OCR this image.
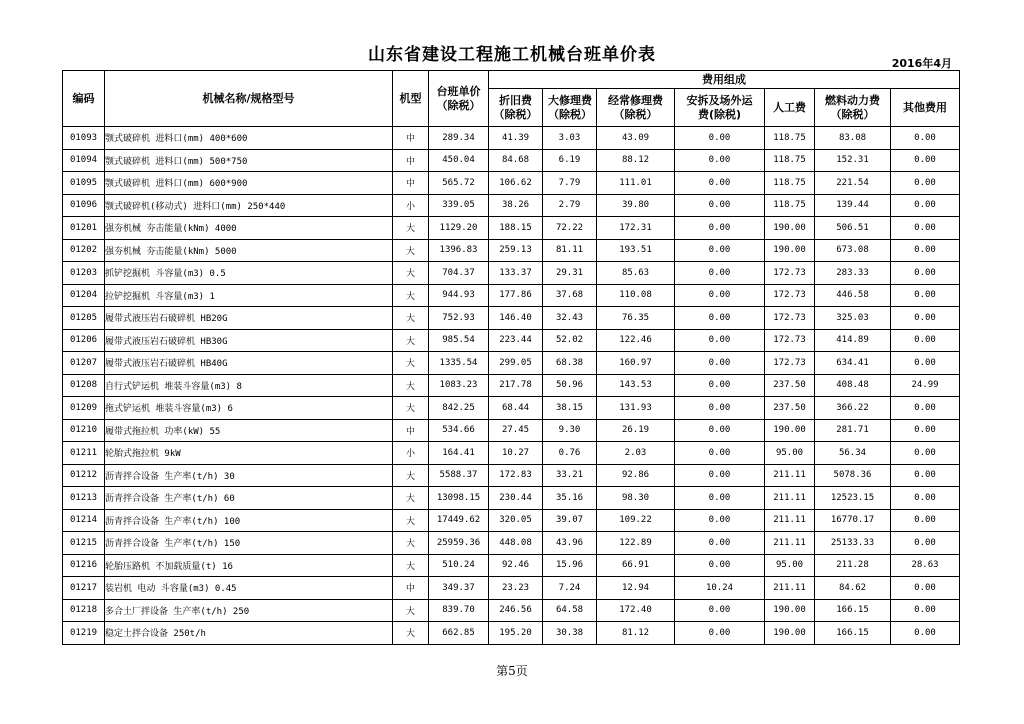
山东省建设工程施工机械台班单价表	2016年4月
编码	机械名称/规格型号	机型	台班单价（除税）	费用组成						
				折旧费（除税）	大修理费（除税）	经常修理费（除税）	安拆及场外运费(除税)	人工费	燃料动力费（除税）	其他费用
01093	颚式破碎机 进料口(mm) 400*600	中	289.34	41.39	3.03	43.09	0.00	118.75	83.08	0.00
01094	颚式破碎机 进料口(mm) 500*750	中	450.04	84.68	6.19	88.12	0.00	118.75	152.31	0.00
01095	颚式破碎机 进料口(mm) 600*900	中	565.72	106.62	7.79	111.01	0.00	118.75	221.54	0.00
01096	颚式破碎机(移动式) 进料口(mm) 250*440	小	339.05	38.26	2.79	39.80	0.00	118.75	139.44	0.00
01201	强夯机械 夯击能量(kNm) 4000	大	1129.20	188.15	72.22	172.31	0.00	190.00	506.51	0.00
01202	强夯机械 夯击能量(kNm) 5000	大	1396.83	259.13	81.11	193.51	0.00	190.00	673.08	0.00
01203	抓铲挖掘机 斗容量(m3) 0.5	大	704.37	133.37	29.31	85.63	0.00	172.73	283.33	0.00
01204	拉铲挖掘机 斗容量(m3) 1	大	944.93	177.86	37.68	110.08	0.00	172.73	446.58	0.00
01205	履带式液压岩石破碎机 HB20G	大	752.93	146.40	32.43	76.35	0.00	172.73	325.03	0.00
01206	履带式液压岩石破碎机 HB30G	大	985.54	223.44	52.02	122.46	0.00	172.73	414.89	0.00
01207	履带式液压岩石破碎机 HB40G	大	1335.54	299.05	68.38	160.97	0.00	172.73	634.41	0.00
01208	自行式铲运机 堆装斗容量(m3) 8	大	1083.23	217.78	50.96	143.53	0.00	237.50	408.48	24.99
01209	拖式铲运机 堆装斗容量(m3) 6	大	842.25	68.44	38.15	131.93	0.00	237.50	366.22	0.00
01210	履带式拖拉机 功率(kW) 55	中	534.66	27.45	9.30	26.19	0.00	190.00	281.71	0.00
01211	轮胎式拖拉机 9kW	小	164.41	10.27	0.76	2.03	0.00	95.00	56.34	0.00
01212	沥青拌合设备 生产率(t/h) 30	大	5588.37	172.83	33.21	92.86	0.00	211.11	5078.36	0.00
01213	沥青拌合设备 生产率(t/h) 60	大	13098.15	230.44	35.16	98.30	0.00	211.11	12523.15	0.00
01214	沥青拌合设备 生产率(t/h) 100	大	17449.62	320.05	39.07	109.22	0.00	211.11	16770.17	0.00
01215	沥青拌合设备 生产率(t/h) 150	大	25959.36	448.08	43.96	122.89	0.00	211.11	25133.33	0.00
01216	轮胎压路机 不加载质量(t) 16	大	510.24	92.46	15.96	66.91	0.00	95.00	211.28	28.63
01217	装岩机 电动 斗容量(m3) 0.45	中	349.37	23.23	7.24	12.94	10.24	211.11	84.62	0.00
01218	多合土厂拌设备 生产率(t/h) 250	大	839.70	246.56	64.58	172.40	0.00	190.00	166.15	0.00
01219	稳定土拌合设备 250t/h	大	662.85	195.20	30.38	81.12	0.00	190.00	166.15	0.00
第5页
